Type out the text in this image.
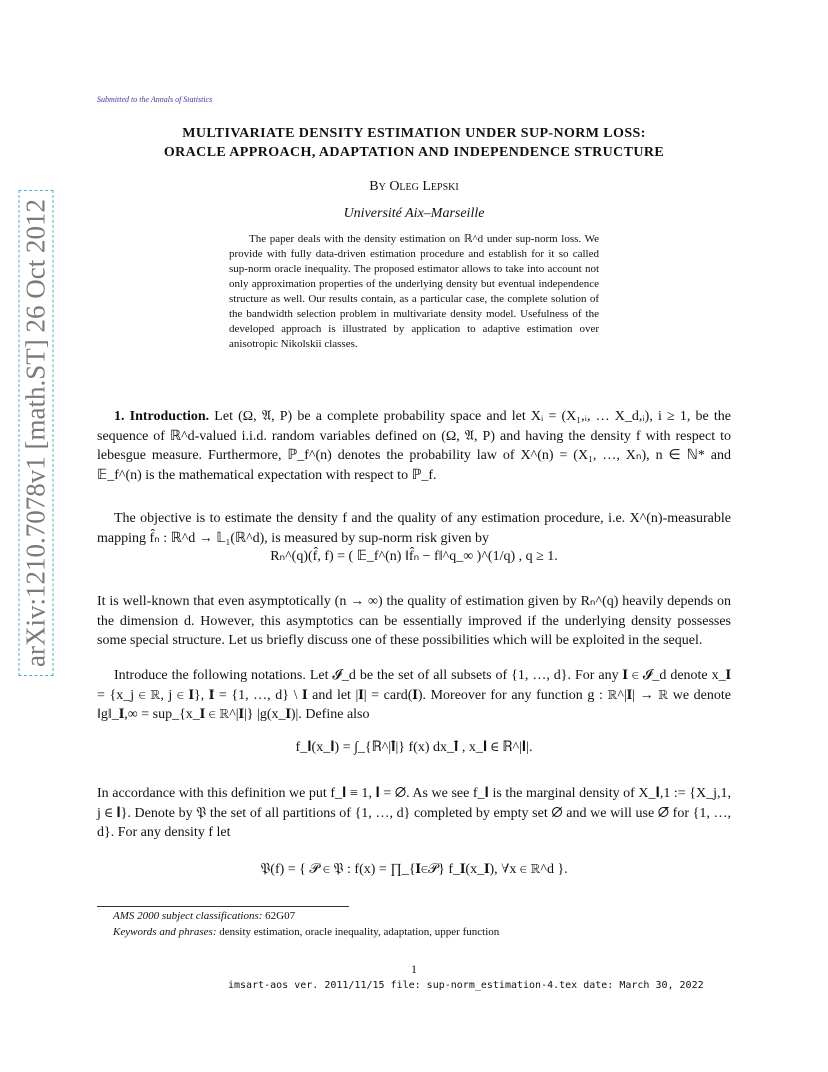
Submitted to the Annals of Statistics
MULTIVARIATE DENSITY ESTIMATION UNDER SUP-NORM LOSS:
ORACLE APPROACH, ADAPTATION AND INDEPENDENCE STRUCTURE
By Oleg Lepski
Université Aix–Marseille
The paper deals with the density estimation on ℝ^d under sup-norm loss. We provide with fully data-driven estimation procedure and establish for it so called sup-norm oracle inequality. The proposed estimator allows to take into account not only approximation properties of the underlying density but eventual independence structure as well. Our results contain, as a particular case, the complete solution of the bandwidth selection problem in multivariate density model. Usefulness of the developed approach is illustrated by application to adaptive estimation over anisotropic Nikolskii classes.
arXiv:1210.7078v1 [math.ST] 26 Oct 2012	1. Introduction. Let (Ω, 𝔄, P) be a complete probability space and let Xᵢ = (X₁,ᵢ, … X_d,ᵢ), i ≥ 1, be the sequence of ℝ^d-valued i.i.d. random variables defined on (Ω, 𝔄, P) and having the density f with respect to lebesgue measure. Furthermore, ℙ_f^(n) denotes the probability law of X^(n) = (X₁, …, Xₙ), n ∈ ℕ* and 𝔼_f^(n) is the mathematical expectation with respect to ℙ_f.
The objective is to estimate the density f and the quality of any estimation procedure, i.e. X^(n)-measurable mapping f̂ₙ : ℝ^d → 𝕃₁(ℝ^d), is measured by sup-norm risk given by
Rₙ^(q)(f̂, f) = ( 𝔼_f^(n) ‖f̂ₙ − f‖^q_∞ )^(1/q) , q ≥ 1.
It is well-known that even asymptotically (n → ∞) the quality of estimation given by Rₙ^(q) heavily depends on the dimension d. However, this asymptotics can be essentially improved if the underlying density possesses some special structure. Let us briefly discuss one of these possibilities which will be exploited in the sequel.
Introduce the following notations. Let 𝓘_d be the set of all subsets of {1, …, d}. For any 𝐈 ∈ 𝓘_d denote x_𝐈 = {x_j ∈ ℝ, j ∈ 𝐈}, 𝐈̄ = {1, …, d} \ 𝐈 and let |𝐈| = card(𝐈). Moreover for any function g : ℝ^|𝐈| → ℝ we denote ‖g‖_𝐈,∞ = sup_{x_𝐈 ∈ ℝ^|𝐈|} |g(x_𝐈)|. Define also
f_𝐈(x_𝐈) = ∫_{ℝ^|𝐈̄|} f(x) dx_𝐈̄ , x_𝐈 ∈ ℝ^|𝐈|.
In accordance with this definition we put f_𝐈 ≡ 1, 𝐈 = ∅. As we see f_𝐈 is the marginal density of X_𝐈,1 := {X_j,1, j ∈ 𝐈}. Denote by 𝔓 the set of all partitions of {1, …, d} completed by empty set ∅ and we will use ∅̄ for {1, …, d}. For any density f let
𝔓(f) = { 𝒫 ∈ 𝔓 : f(x) = ∏_{𝐈∈𝒫} f_𝐈(x_𝐈), ∀x ∈ ℝ^d }.
AMS 2000 subject classifications: 62G07
Keywords and phrases: density estimation, oracle inequality, adaptation, upper function
1
imsart-aos ver. 2011/11/15 file: sup-norm_estimation-4.tex date: March 30, 2022
